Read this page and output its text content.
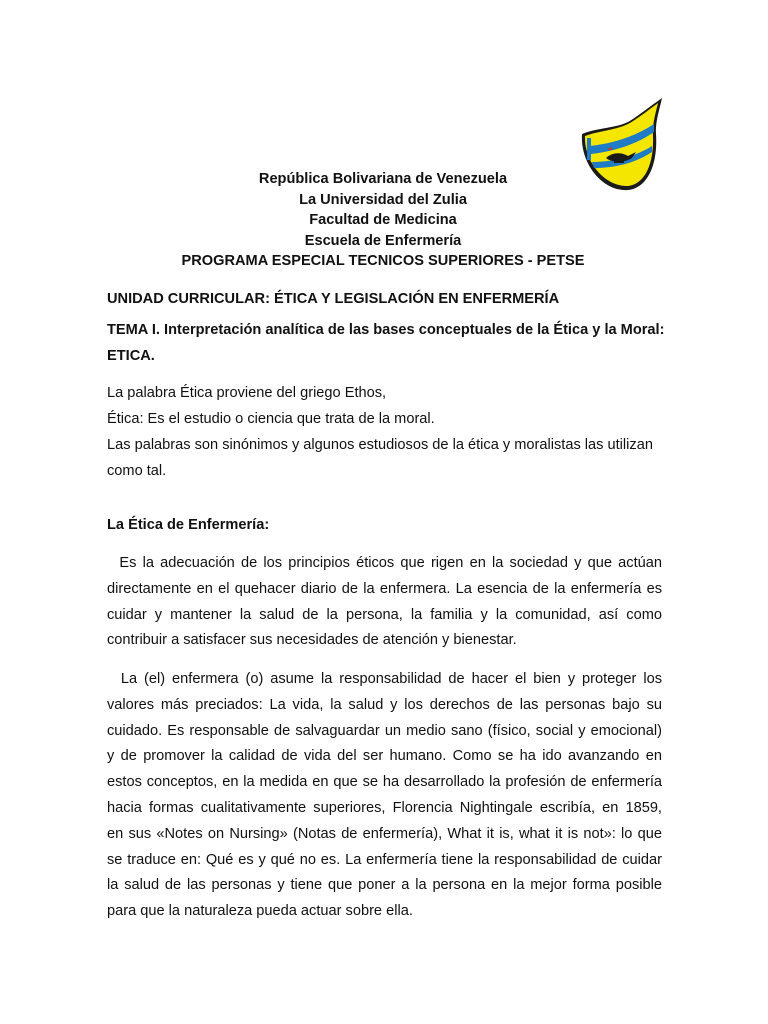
República Bolivariana de Venezuela
La Universidad del Zulia
Facultad de Medicina
Escuela de Enfermería
PROGRAMA ESPECIAL TECNICOS SUPERIORES - PETSE
UNIDAD CURRICULAR: ÉTICA Y LEGISLACIÓN EN ENFERMERÍA
TEMA I. Interpretación analítica de las bases conceptuales de la Ética y la Moral:
ETICA.
La palabra Ética proviene del griego Ethos,
Ética: Es el estudio o ciencia que trata de la moral.
Las palabras son sinónimos y algunos estudiosos de la ética y moralistas las utilizan
como tal.
La Ética de Enfermería:
Es la adecuación de los principios éticos que rigen en la sociedad y que actúan
directamente en el quehacer diario de la enfermera. La esencia de la enfermería es
cuidar y mantener la salud de la persona, la familia y la comunidad, así como
contribuir a satisfacer sus necesidades de atención y bienestar.
La (el) enfermera (o) asume la responsabilidad de hacer el bien y proteger los
valores más preciados: La vida, la salud y los derechos de las personas bajo su
cuidado. Es responsable de salvaguardar un medio sano (físico, social y emocional)
y de promover la calidad de vida del ser humano. Como se ha ido avanzando en
estos conceptos, en la medida en que se ha desarrollado la profesión de enfermería
hacia formas cualitativamente superiores, Florencia Nightingale escribía, en 1859,
en sus «Notes on Nursing» (Notas de enfermería), What it is, what it is not»: lo que
se traduce en: Qué es y qué no es. La enfermería tiene la responsabilidad de cuidar
la salud de las personas y tiene que poner a la persona en la mejor forma posible
para que la naturaleza pueda actuar sobre ella.
